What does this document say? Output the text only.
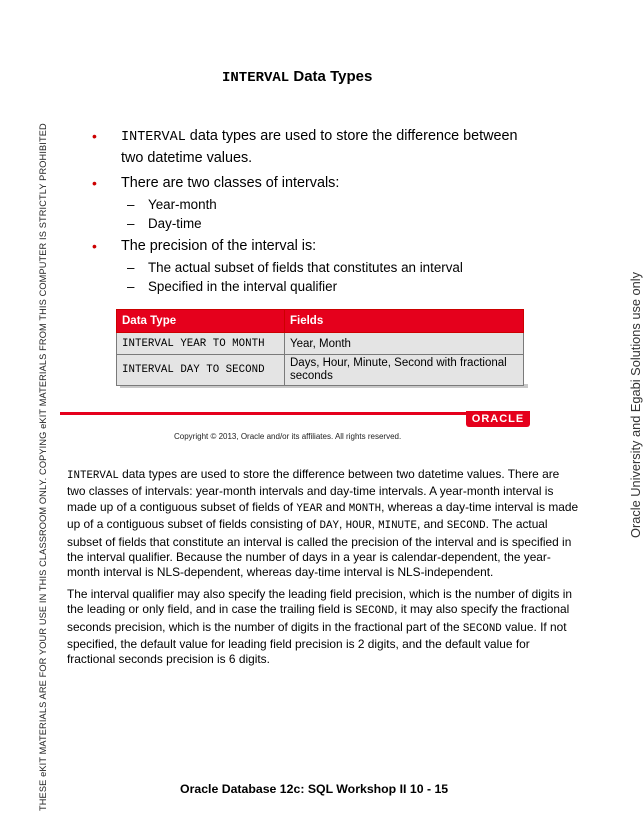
THESE eKIT MATERIALS ARE FOR YOUR USE IN THIS CLASSROOM ONLY. COPYING eKIT MATERIALS FROM THIS COMPUTER IS STRICTLY PROHIBITED	Oracle University and Egabi Solutions use only
INTERVAL Data Types
• INTERVAL data types are used to store the difference between two datetime values.
• There are two classes of intervals:
– Year-month
– Day-time
• The precision of the interval is:
– The actual subset of fields that constitutes an interval
– Specified in the interval qualifier
Data Type	Fields
INTERVAL YEAR TO MONTH	Year, Month
INTERVAL DAY TO SECOND	Days, Hour, Minute, Second with fractional seconds
ORACLE
Copyright © 2013, Oracle and/or its affiliates. All rights reserved.

INTERVAL data types are used to store the difference between two datetime values. There are two classes of intervals: year-month intervals and day-time intervals. A year-month interval is made up of a contiguous subset of fields of YEAR and MONTH, whereas a day-time interval is made up of a contiguous subset of fields consisting of DAY, HOUR, MINUTE, and SECOND. The actual subset of fields that constitute an interval is called the precision of the interval and is specified in the interval qualifier. Because the number of days in a year is calendar-dependent, the year-month interval is NLS-dependent, whereas day-time interval is NLS-independent.

The interval qualifier may also specify the leading field precision, which is the number of digits in the leading or only field, and in case the trailing field is SECOND, it may also specify the fractional seconds precision, which is the number of digits in the fractional part of the SECOND value. If not specified, the default value for leading field precision is 2 digits, and the default value for fractional seconds precision is 6 digits.

Oracle Database 12c: SQL Workshop II 10 - 15
